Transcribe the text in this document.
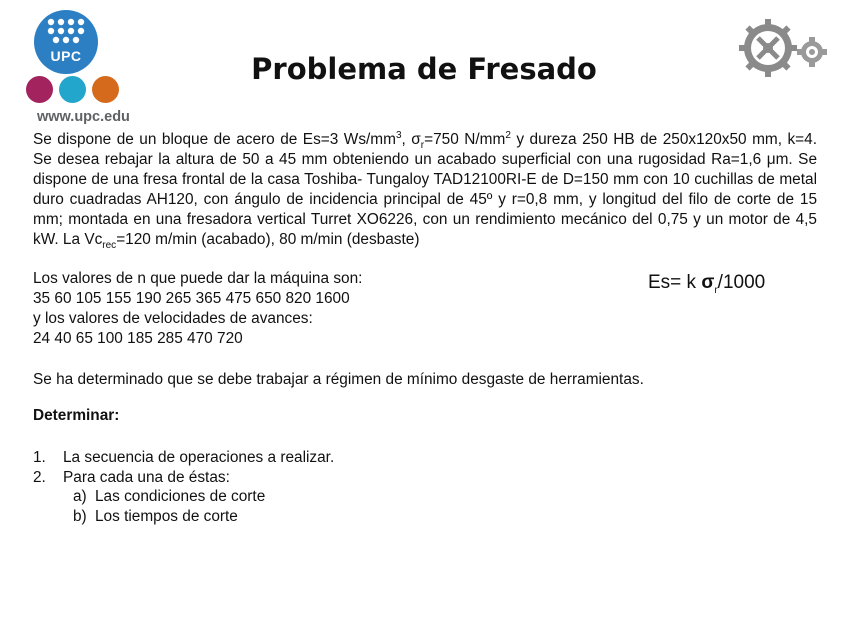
UPC
www.upc.edu
Problema de Fresado

Se dispone de un bloque de acero de Es=3 $Ws/mm^3$, $\sigma_r=750$ $N/mm^2$ y dureza 250 HB de 250x120x50 mm, k=4. Se desea rebajar la altura de 50 a 45 mm obteniendo un acabado superficial con una rugosidad Ra=1,6 μm. Se dispone de una fresa frontal de la casa Toshiba- Tungaloy TAD12100RI-E de D=150 mm con 10 cuchillas de metal duro cuadradas AH120, con ángulo de incidencia principal de 45º y r=0,8 mm, y longitud del filo de corte de 15 mm; montada en una fresadora vertical Turret XO6226, con un rendimiento mecánico del 0,75 y un motor de 4,5 kW. La $Vc_{rec}=120$ m/min (acabado), 80 m/min (desbaste)

Los valores de n que puede dar la máquina son:

35 60 105 155 190 265 365 475 650 820 1600

y los valores de velocidades de avances:

24 40 65 100 185 285 470 720

Es= k $\sigma_r/1000$

Se ha determinado que se debe trabajar a régimen de mínimo desgaste de herramientas.

Determinar:

1. La secuencia de operaciones a realizar.

2. Para cada una de éstas:

a) Las condiciones de corte

b) Los tiempos de corte
